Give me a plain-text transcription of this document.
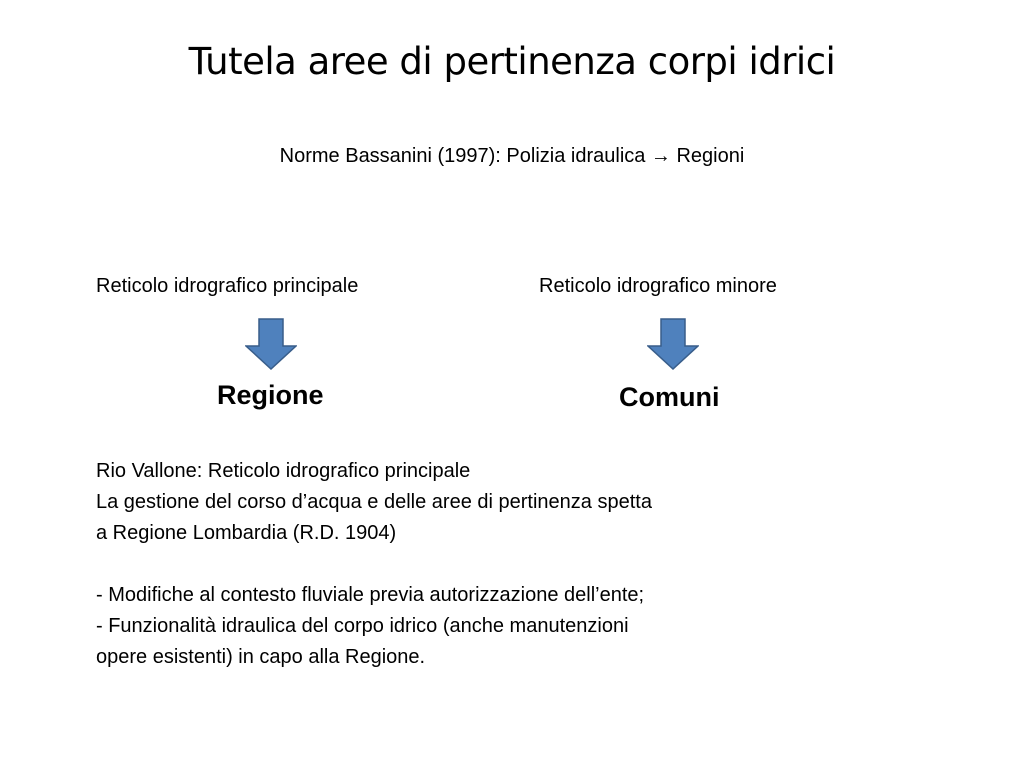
Tutela aree di pertinenza corpi idrici
Norme Bassanini (1997): Polizia idraulica → Regioni
Reticolo idrografico principale	Reticolo idrografico minore
Regione	Comuni

Rio Vallone: Reticolo idrografico principale

La gestione del corso d’acqua e delle aree di pertinenza spetta

a Regione Lombardia (R.D. 1904)

- Modifiche al contesto fluviale previa autorizzazione dell’ente;

- Funzionalità idraulica del corpo idrico (anche manutenzioni

opere esistenti) in capo alla Regione.
